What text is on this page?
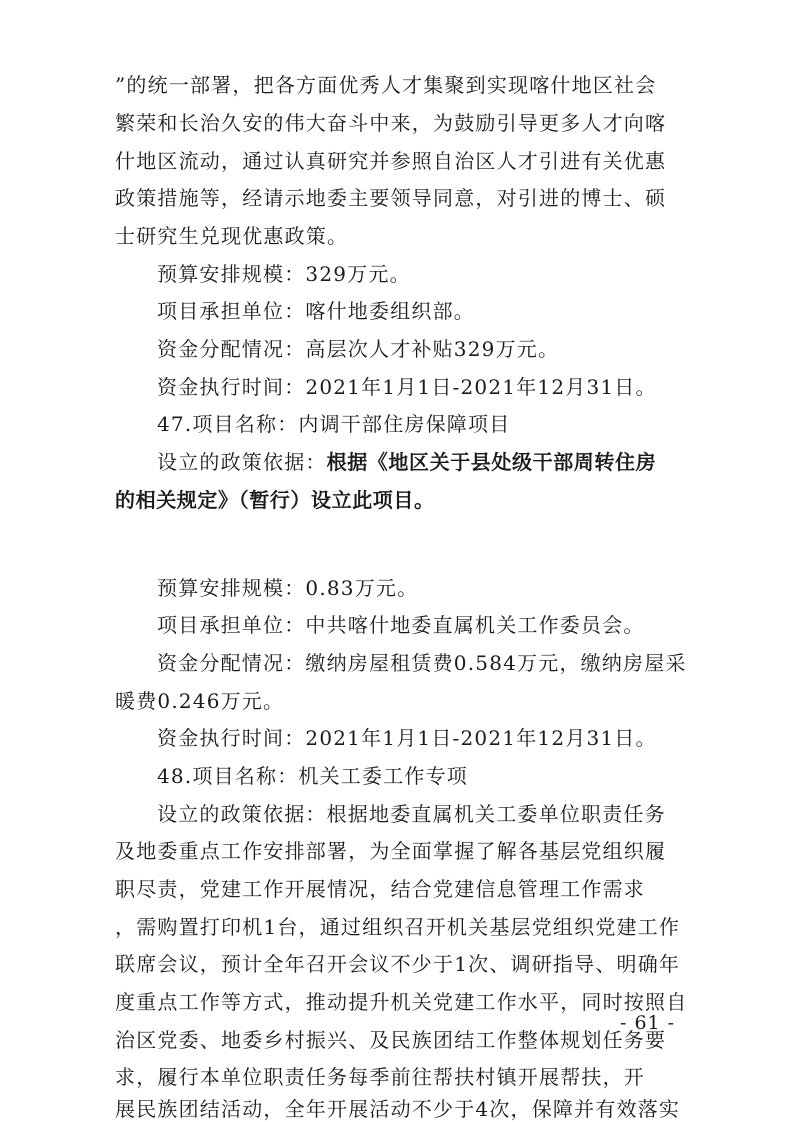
”的统一部署，把各方面优秀人才集聚到实现喀什地区社会
繁荣和长治久安的伟大奋斗中来，为鼓励引导更多人才向喀
什地区流动，通过认真研究并参照自治区人才引进有关优惠
政策措施等，经请示地委主要领导同意，对引进的博士、硕
士研究生兑现优惠政策。
预算安排规模：329万元。
项目承担单位：喀什地委组织部。
资金分配情况：高层次人才补贴329万元。
资金执行时间：2021年1月1日-2021年12月31日。
47.项目名称：内调干部住房保障项目
设立的政策依据：根据《地区关于县处级干部周转住房
的相关规定》（暂行）设立此项目。
预算安排规模：0.83万元。
项目承担单位：中共喀什地委直属机关工作委员会。
资金分配情况：缴纳房屋租赁费0.584万元，缴纳房屋采
暖费0.246万元。
资金执行时间：2021年1月1日-2021年12月31日。
48.项目名称：机关工委工作专项
设立的政策依据：根据地委直属机关工委单位职责任务
及地委重点工作安排部署，为全面掌握了解各基层党组织履
职尽责，党建工作开展情况，结合党建信息管理工作需求
，需购置打印机1台，通过组织召开机关基层党组织党建工作
联席会议，预计全年召开会议不少于1次、调研指导、明确年
度重点工作等方式，推动提升机关党建工作水平，同时按照自
治区党委、地委乡村振兴、及民族团结工作整体规划任务要
求，履行本单位职责任务每季前往帮扶村镇开展帮扶，开
展民族团结活动，全年开展活动不少于4次，保障并有效落实
- 61 -
